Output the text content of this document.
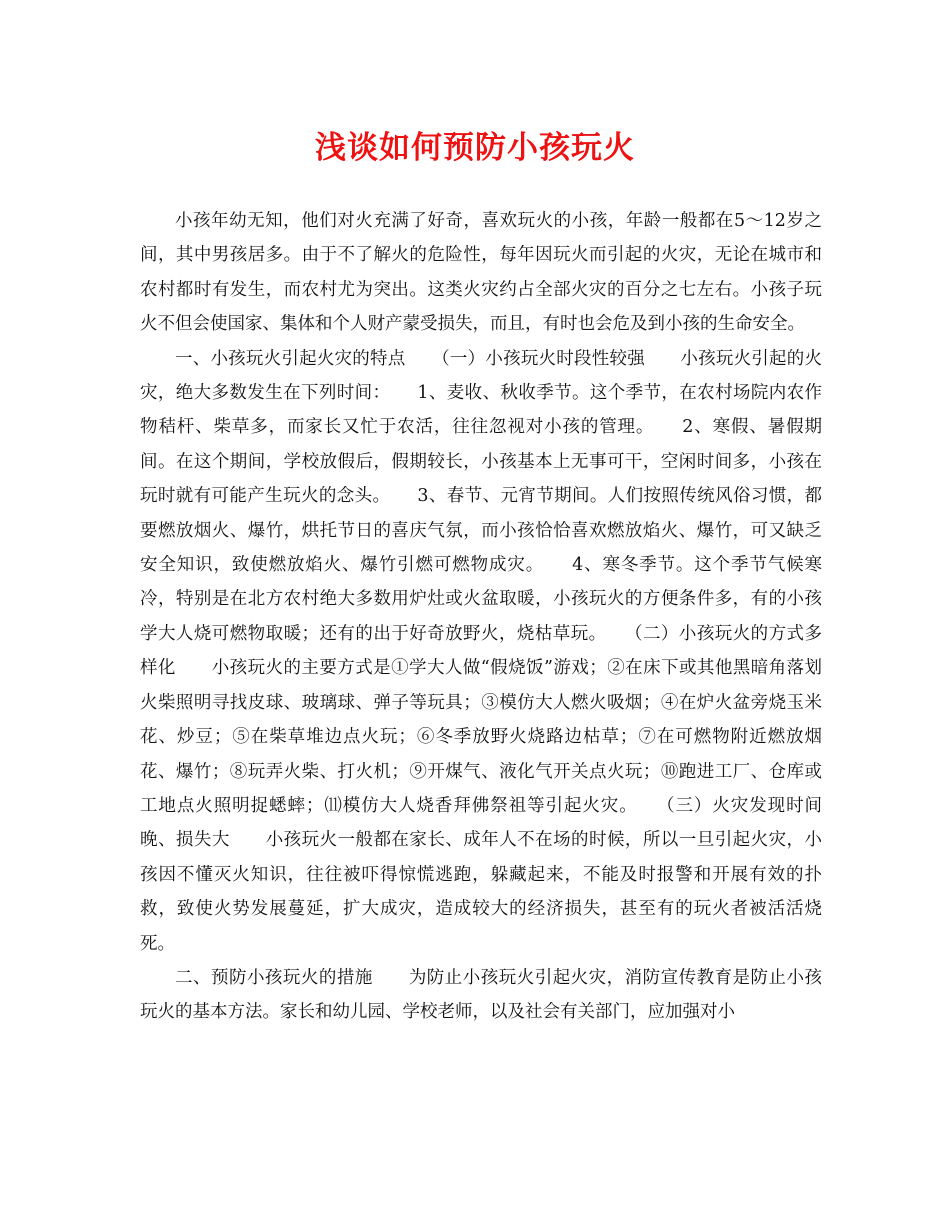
浅谈如何预防小孩玩火

小孩年幼无知，他们对火充满了好奇，喜欢玩火的小孩，年龄一般都在5～12岁之间，其中男孩居多。由于不了解火的危险性，每年因玩火而引起的火灾，无论在城市和农村都时有发生，而农村尤为突出。这类火灾约占全部火灾的百分之七左右。小孩子玩火不但会使国家、集体和个人财产蒙受损失，而且，有时也会危及到小孩的生命安全。

一、小孩玩火引起火灾的特点　　（一）小孩玩火时段性较强　　小孩玩火引起的火灾，绝大多数发生在下列时间：　　1、麦收、秋收季节。这个季节，在农村场院内农作物秸杆、柴草多，而家长又忙于农活，往往忽视对小孩的管理。　　2、寒假、暑假期间。在这个期间，学校放假后，假期较长，小孩基本上无事可干，空闲时间多，小孩在玩时就有可能产生玩火的念头。　　3、春节、元宵节期间。人们按照传统风俗习惯，都要燃放烟火、爆竹，烘托节日的喜庆气氛，而小孩恰恰喜欢燃放焰火、爆竹，可又缺乏安全知识，致使燃放焰火、爆竹引燃可燃物成灾。　　4、寒冬季节。这个季节气候寒冷，特别是在北方农村绝大多数用炉灶或火盆取暖，小孩玩火的方便条件多，有的小孩学大人烧可燃物取暖；还有的出于好奇放野火，烧枯草玩。　　（二）小孩玩火的方式多样化　　小孩玩火的主要方式是①学大人做“假烧饭”游戏；②在床下或其他黑暗角落划火柴照明寻找皮球、玻璃球、弹子等玩具；③模仿大人燃火吸烟；④在炉火盆旁烧玉米花、炒豆；⑤在柴草堆边点火玩；⑥冬季放野火烧路边枯草；⑦在可燃物附近燃放烟花、爆竹；⑧玩弄火柴、打火机；⑨开煤气、液化气开关点火玩；⑩跑进工厂、仓库或工地点火照明捉蟋蟀；⑾模仿大人烧香拜佛祭祖等引起火灾。　　（三）火灾发现时间晚、损失大　　小孩玩火一般都在家长、成年人不在场的时候，所以一旦引起火灾，小孩因不懂灭火知识，往往被吓得惊慌逃跑，躲藏起来，不能及时报警和开展有效的扑救，致使火势发展蔓延，扩大成灾，造成较大的经济损失，甚至有的玩火者被活活烧死。

二、预防小孩玩火的措施　　为防止小孩玩火引起火灾，消防宣传教育是防止小孩玩火的基本方法。家长和幼儿园、学校老师，以及社会有关部门，应加强对小
